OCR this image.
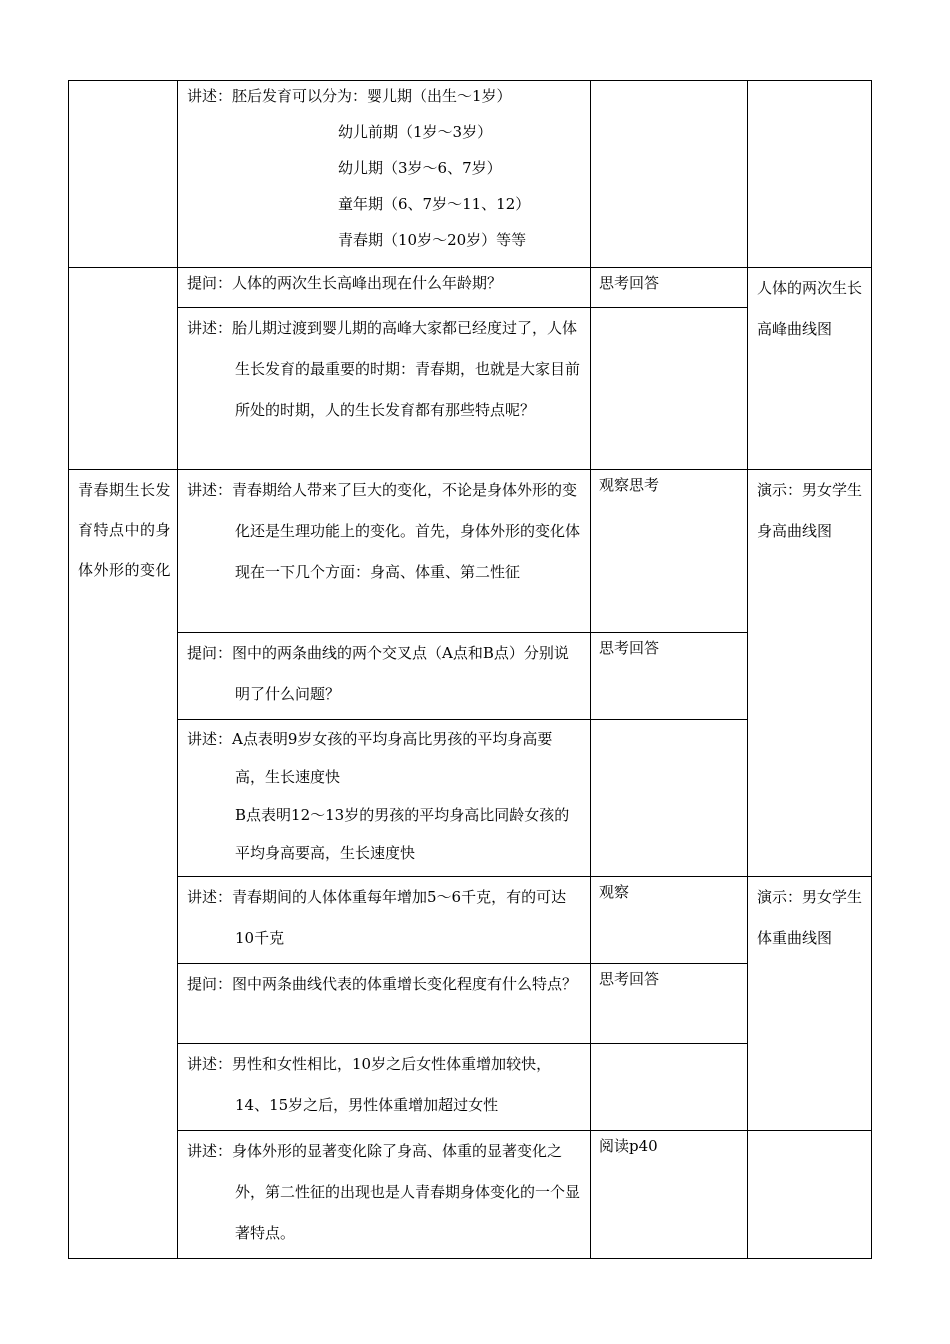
	讲述：胚后发育可以分为：婴儿期（出生～1岁）
幼儿前期（1岁～3岁）
幼儿期（3岁～6、7岁）
童年期（6、7岁～11、12）
青春期（10岁～20岁）等等		

	提问：人体的两次生长高峰出现在什么年龄期？	思考回答	人体的两次生长高峰曲线图

	讲述：胎儿期过渡到婴儿期的高峰大家都已经度过了，人体生长发育的最重要的时期：青春期，也就是大家目前所处的时期，人的生长发育都有那些特点呢？		

青春期生长发育特点中的身体外形的变化	讲述：青春期给人带来了巨大的变化，不论是身体外形的变化还是生理功能上的变化。首先，身体外形的变化体现在一下几个方面：身高、体重、第二性征	观察思考	演示：男女学生身高曲线图

	提问：图中的两条曲线的两个交叉点（A点和B点）分别说明了什么问题？	思考回答	

	讲述：A点表明9岁女孩的平均身高比男孩的平均身高要高，生长速度快
B点表明12～13岁的男孩的平均身高比同龄女孩的平均身高要高，生长速度快		

	讲述：青春期间的人体体重每年增加5～6千克，有的可达10千克	观察	演示：男女学生体重曲线图

	提问：图中两条曲线代表的体重增长变化程度有什么特点？	思考回答	

	讲述：男性和女性相比，10岁之后女性体重增加较快，14、15岁之后，男性体重增加超过女性		

	讲述：身体外形的显著变化除了身高、体重的显著变化之外，第二性征的出现也是人青春期身体变化的一个显著特点。	阅读p40	
